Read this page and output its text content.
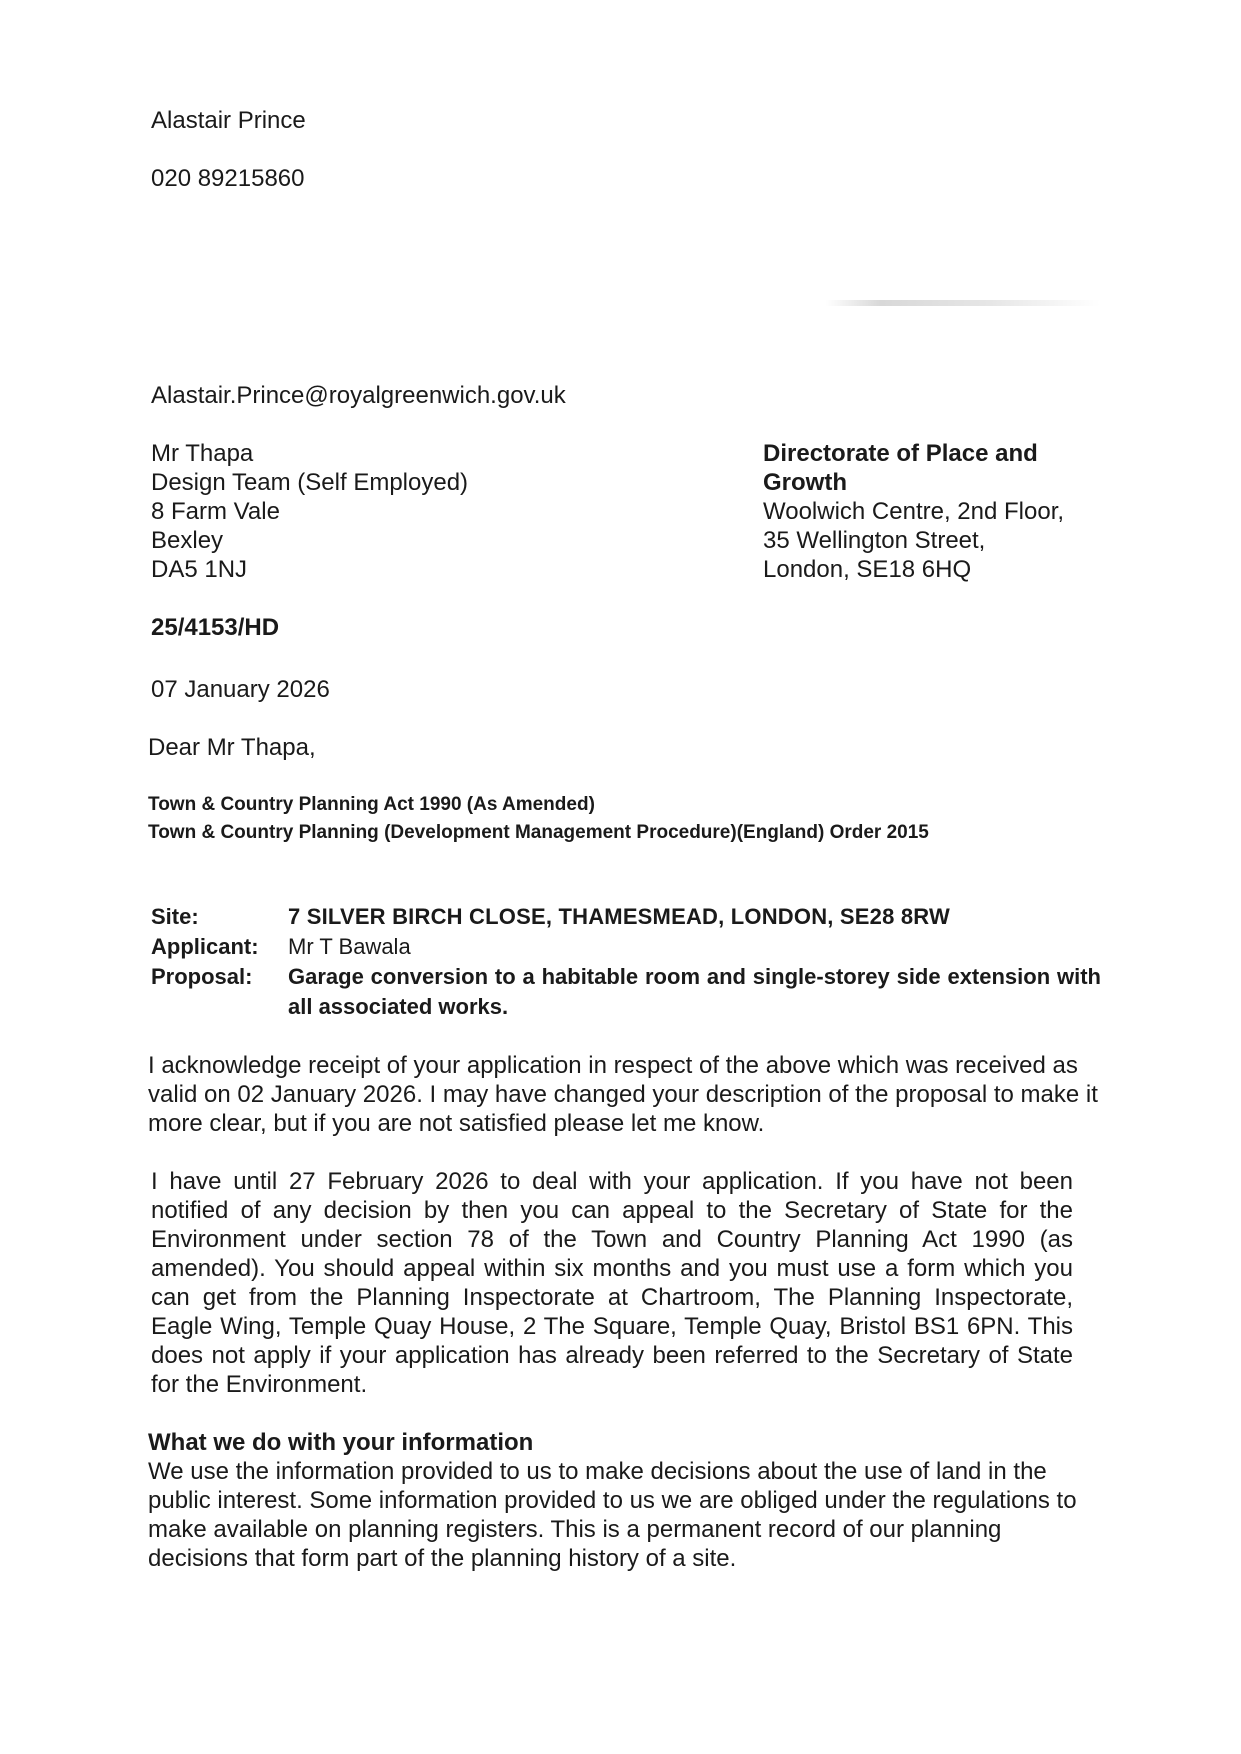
Alastair Prince
020 89215860
Alastair.Prince@royalgreenwich.gov.uk
Mr Thapa
Design Team (Self Employed)
8 Farm Vale
Bexley
DA5 1NJ
Directorate of Place and
Growth
Woolwich Centre, 2nd Floor,
35 Wellington Street,
London, SE18 6HQ
25/4153/HD
07 January 2026
Dear Mr Thapa,
Town & Country Planning Act 1990 (As Amended)
Town & Country Planning (Development Management Procedure)(England) Order 2015
Site:	7 SILVER BIRCH CLOSE, THAMESMEAD, LONDON, SE28 8RW
Applicant:	Mr T Bawala
Proposal:	Garage conversion to a habitable room and single-storey side extension with all associated works.

I acknowledge receipt of your application in respect of the above which was received as valid on 02 January 2026. I may have changed your description of the proposal to make it more clear, but if you are not satisfied please let me know.

I have until 27 February 2026 to deal with your application. If you have not been notified of any decision by then you can appeal to the Secretary of State for the Environment under section 78 of the Town and Country Planning Act 1990 (as amended). You should appeal within six months and you must use a form which you can get from the Planning Inspectorate at Chartroom, The Planning Inspectorate, Eagle Wing, Temple Quay House, 2 The Square, Temple Quay, Bristol BS1 6PN. This does not apply if your application has already been referred to the Secretary of State for the Environment.

What we do with your information

We use the information provided to us to make decisions about the use of land in the public interest. Some information provided to us we are obliged under the regulations to make available on planning registers. This is a permanent record of our planning decisions that form part of the planning history of a site.
